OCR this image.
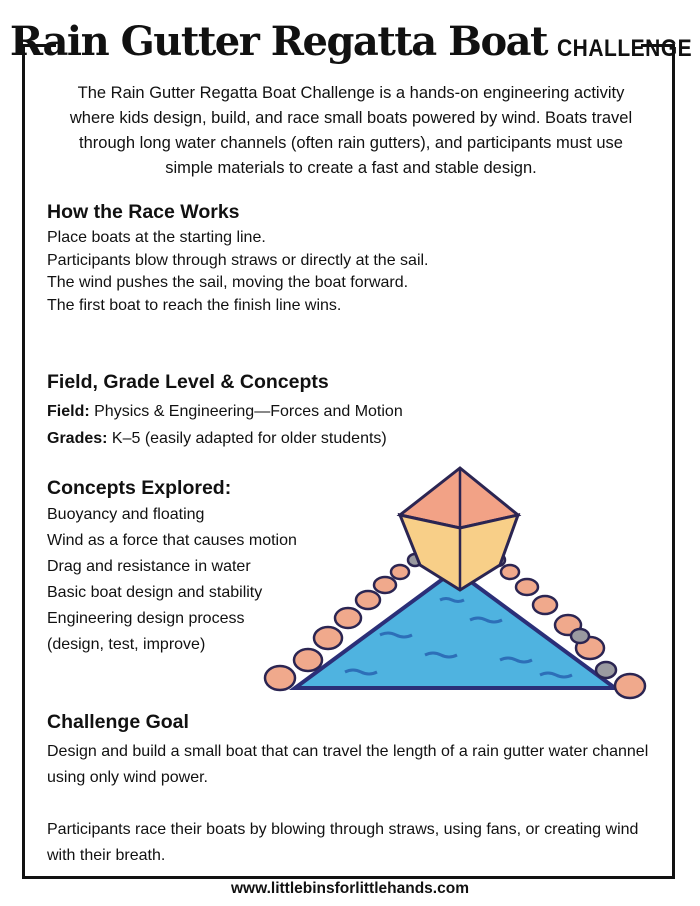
Rain Gutter Regatta Boat CHALLENGE
The Rain Gutter Regatta Boat Challenge is a hands-on engineering activity where kids design, build, and race small boats powered by wind. Boats travel through long water channels (often rain gutters), and participants must use simple materials to create a fast and stable design.
How the Race Works
Place boats at the starting line.
Participants blow through straws or directly at the sail.
The wind pushes the sail, moving the boat forward.
The first boat to reach the finish line wins.
Field, Grade Level & Concepts
Field: Physics & Engineering—Forces and Motion
Grades: K–5 (easily adapted for older students)
Concepts Explored:
Buoyancy and floating
Wind as a force that causes motion
Drag and resistance in water
Basic boat design and stability
Engineering design process
(design, test, improve)
Challenge Goal
Design and build a small boat that can travel the length of a rain gutter water channel using only wind power.
Participants race their boats by blowing through straws, using fans, or creating wind with their breath.
www.littlebinsforlittlehands.com
